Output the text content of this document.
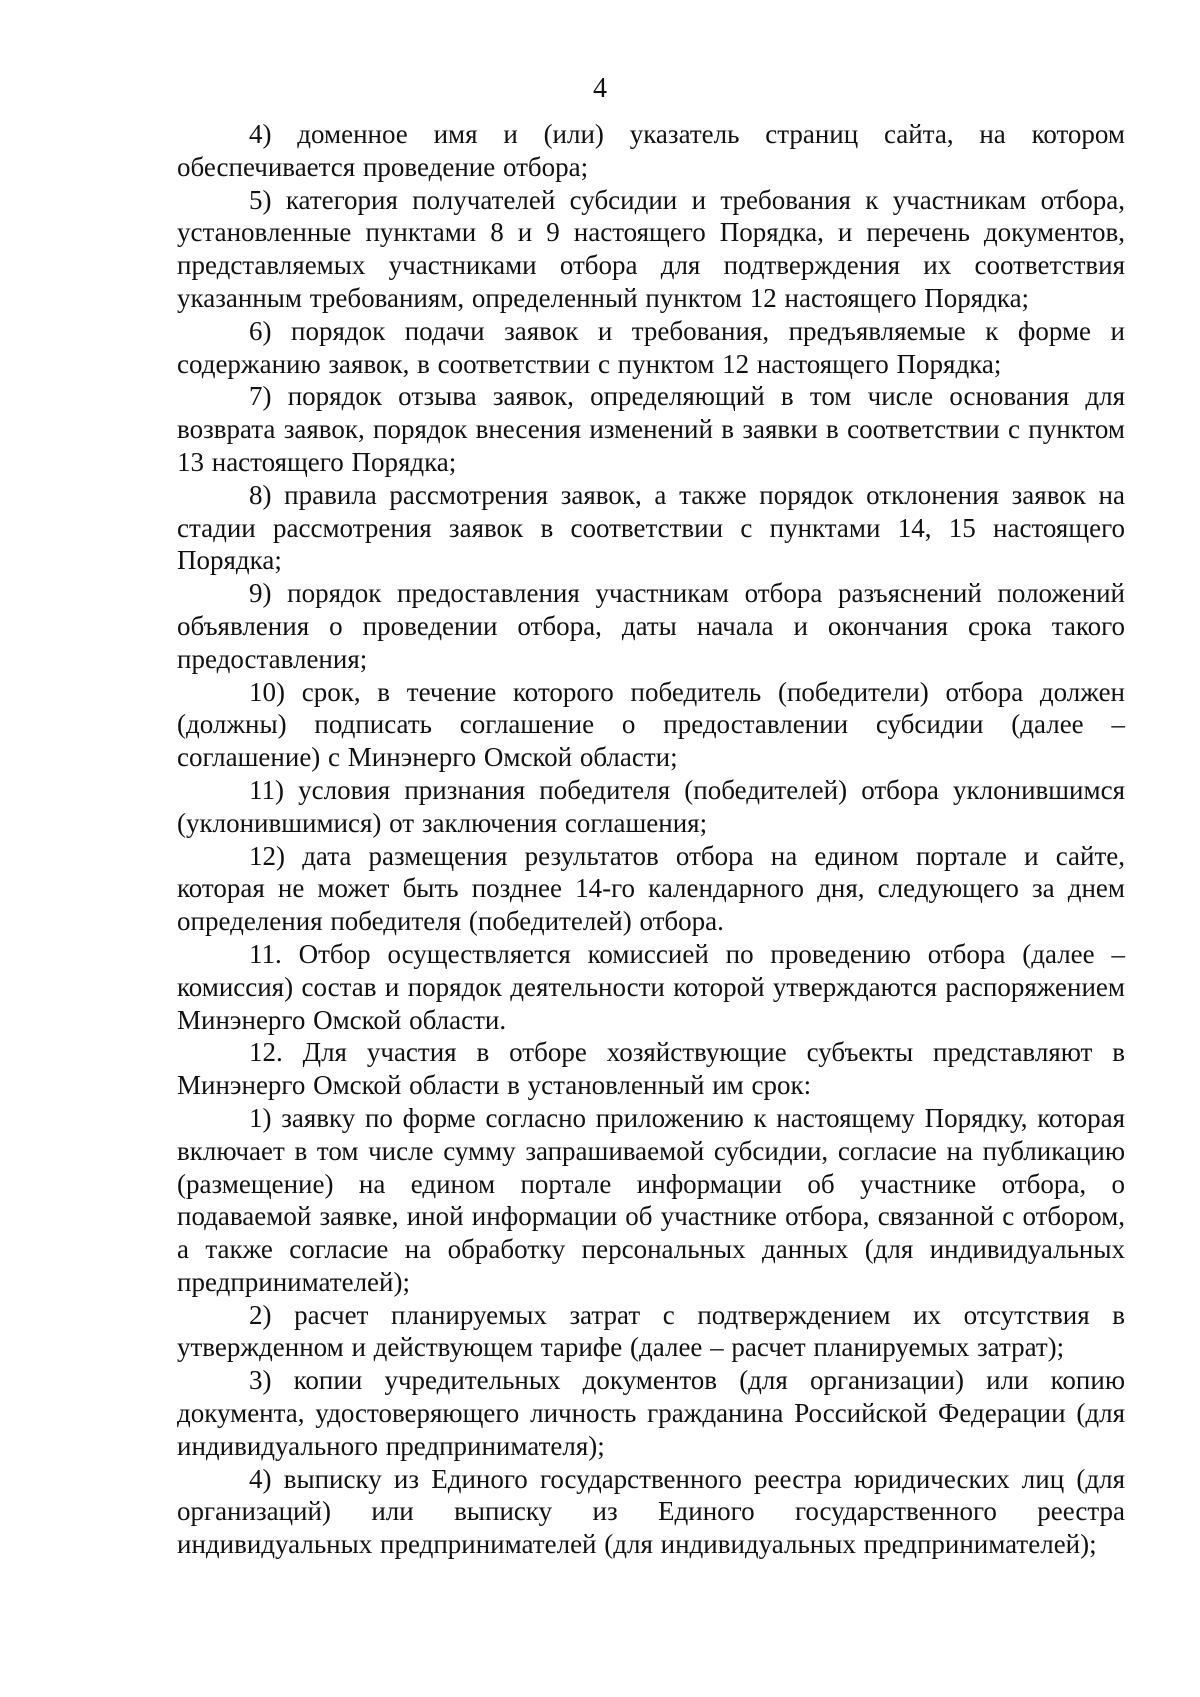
4

4) доменное имя и (или) указатель страниц сайта, на котором обеспечивается проведение отбора;

5) категория получателей субсидии и требования к участникам отбора, установленные пунктами 8 и 9 настоящего Порядка, и перечень документов, представляемых участниками отбора для подтверждения их соответствия указанным требованиям, определенный пунктом 12 настоящего Порядка;

6) порядок подачи заявок и требования, предъявляемые к форме и содержанию заявок, в соответствии с пунктом 12 настоящего Порядка;

7) порядок отзыва заявок, определяющий в том числе основания для возврата заявок, порядок внесения изменений в заявки в соответствии с пунктом 13 настоящего Порядка;

8) правила рассмотрения заявок, а также порядок отклонения заявок на стадии рассмотрения заявок в соответствии с пунктами 14, 15 настоящего Порядка;

9) порядок предоставления участникам отбора разъяснений положений объявления о проведении отбора, даты начала и окончания срока такого предоставления;

10) срок, в течение которого победитель (победители) отбора должен (должны) подписать соглашение о предоставлении субсидии (далее – соглашение) с Минэнерго Омской области;

11) условия признания победителя (победителей) отбора уклонившимся (уклонившимися) от заключения соглашения;

12) дата размещения результатов отбора на едином портале и сайте, которая не может быть позднее 14-го календарного дня, следующего за днем определения победителя (победителей) отбора.

11. Отбор осуществляется комиссией по проведению отбора (далее – комиссия) состав и порядок деятельности которой утверждаются распоряжением Минэнерго Омской области.

12. Для участия в отборе хозяйствующие субъекты представляют в Минэнерго Омской области в установленный им срок:

1) заявку по форме согласно приложению к настоящему Порядку, которая включает в том числе сумму запрашиваемой субсидии, согласие на публикацию (размещение) на едином портале информации об участнике отбора, о подаваемой заявке, иной информации об участнике отбора, связанной с отбором, а также согласие на обработку персональных данных (для индивидуальных предпринимателей);

2) расчет планируемых затрат с подтверждением их отсутствия в утвержденном и действующем тарифе (далее – расчет планируемых затрат);

3) копии учредительных документов (для организации) или копию документа, удостоверяющего личность гражданина Российской Федерации (для индивидуального предпринимателя);

4) выписку из Единого государственного реестра юридических лиц (для организаций) или выписку из Единого государственного реестра индивидуальных предпринимателей (для индивидуальных предпринимателей);
